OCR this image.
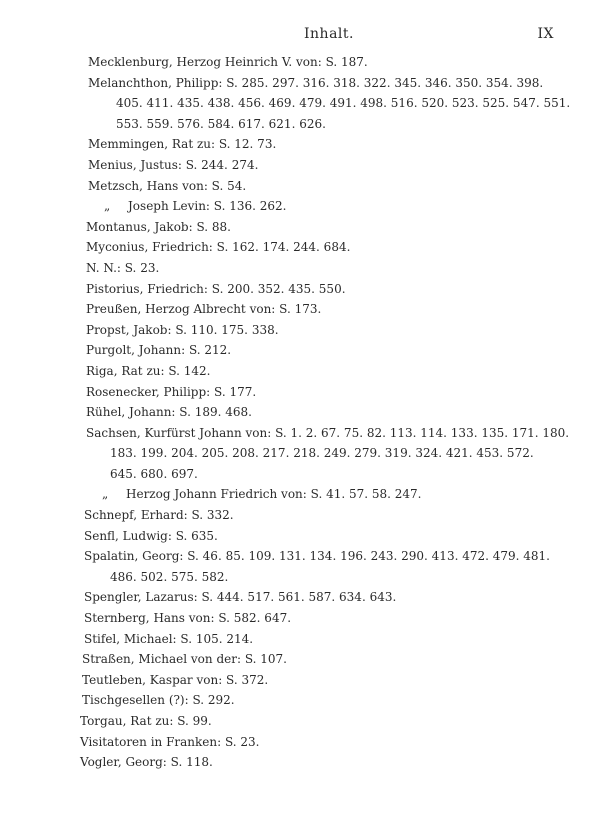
Inhalt.	IX
Mecklenburg, Herzog Heinrich V. von: S. 187.
Melanchthon, Philipp: S. 285. 297. 316. 318. 322. 345. 346. 350. 354. 398.
405. 411. 435. 438. 456. 469. 479. 491. 498. 516. 520. 523. 525. 547. 551.
553. 559. 576. 584. 617. 621. 626.
Memmingen, Rat zu: S. 12. 73.
Menius, Justus: S. 244. 274.
Metzsch, Hans von: S. 54.
„ Joseph Levin: S. 136. 262.
Montanus, Jakob: S. 88.
Myconius, Friedrich: S. 162. 174. 244. 684.
N. N.: S. 23.
Pistorius, Friedrich: S. 200. 352. 435. 550.
Preußen, Herzog Albrecht von: S. 173.
Propst, Jakob: S. 110. 175. 338.
Purgolt, Johann: S. 212.
Riga, Rat zu: S. 142.
Rosenecker, Philipp: S. 177.
Rühel, Johann: S. 189. 468.
Sachsen, Kurfürst Johann von: S. 1. 2. 67. 75. 82. 113. 114. 133. 135. 171. 180.
183. 199. 204. 205. 208. 217. 218. 249. 279. 319. 324. 421. 453. 572.
645. 680. 697.
„ Herzog Johann Friedrich von: S. 41. 57. 58. 247.
Schnepf, Erhard: S. 332.
Senfl, Ludwig: S. 635.
Spalatin, Georg: S. 46. 85. 109. 131. 134. 196. 243. 290. 413. 472. 479. 481.
486. 502. 575. 582.
Spengler, Lazarus: S. 444. 517. 561. 587. 634. 643.
Sternberg, Hans von: S. 582. 647.
Stifel, Michael: S. 105. 214.
Straßen, Michael von der: S. 107.
Teutleben, Kaspar von: S. 372.
Tischgesellen (?): S. 292.
Torgau, Rat zu: S. 99.
Visitatoren in Franken: S. 23.
Vogler, Georg: S. 118.
